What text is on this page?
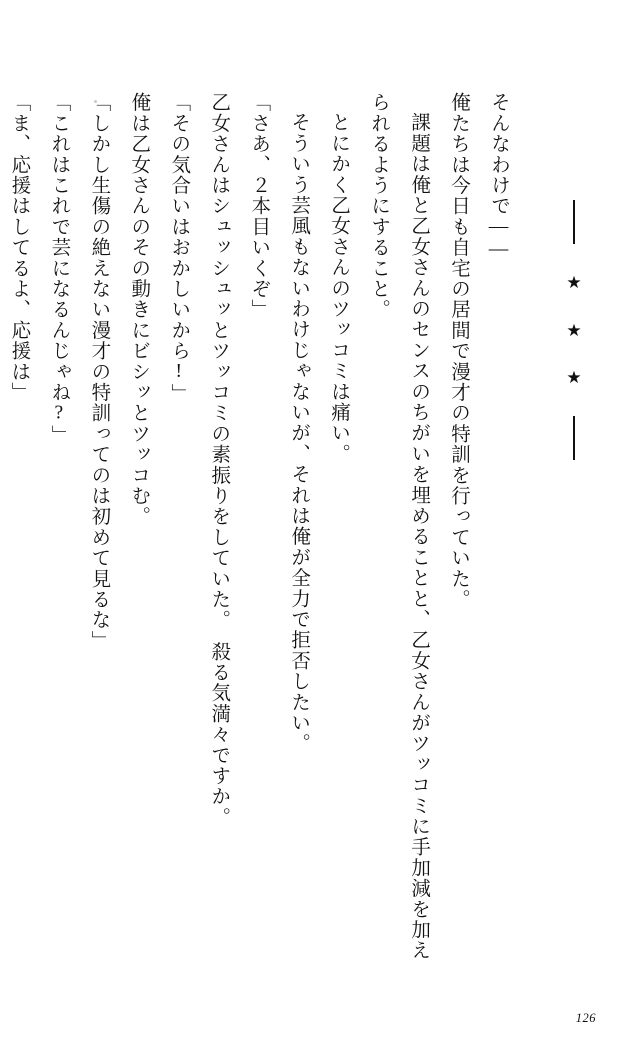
★
★
★

そんなわけで――

俺たちは今日も自宅の居間で漫才の特訓を行っていた。

課題は俺と乙女さんのセンスのちがいを埋めることと、乙女さんがツッコミに手加減を加えられるようにすること。

とにかく乙女さんのツッコミは痛い。

そういう芸風もないわけじゃないが、それは俺が全力で拒否したい。

「さあ、２本目いくぞ」

乙女さんはシュッシュッとツッコミの素振りをしていた。　殺る気満々ですか。

「その気合いはおかしいから!」

俺は乙女さんのその動きにビシッとツッコむ。

「しかし生傷の絶えない漫才の特訓ってのは初めて見るな」

「これはこれで芸になるんじゃね?」

「ま、応援はしてるよ、応援は」

126
